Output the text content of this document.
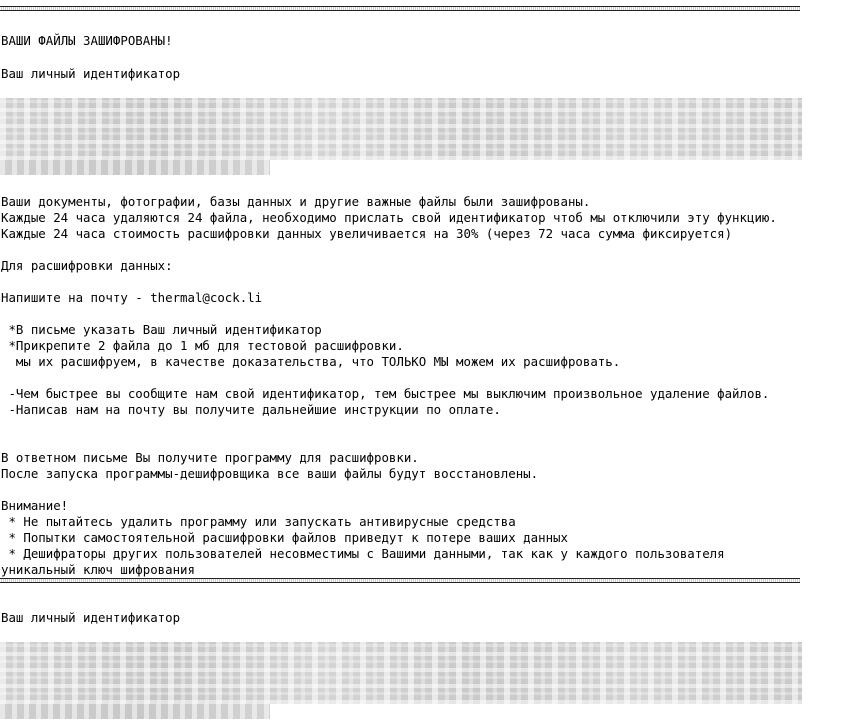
ВАШИ ФАЙЛЫ ЗАШИФРОВАНЫ!
Ваш личный идентификатор
Ваши документы, фотографии, базы данных и другие важные файлы были зашифрованы.
Каждые 24 часа удаляются 24 файла, необходимо прислать свой идентификатор чтоб мы отключили эту функцию.
Каждые 24 часа стоимость расшифровки данных увеличивается на 30% (через 72 часа сумма фиксируется)
Для расшифровки данных:
Напишите на почту - thermal@cock.li
*В письме указать Ваш личный идентификатор
*Прикрепите 2 файла до 1 мб для тестовой расшифровки.
мы их расшифруем, в качестве доказательства, что ТОЛЬКО МЫ можем их расшифровать.
-Чем быстрее вы сообщите нам свой идентификатор, тем быстрее мы выключим произвольное удаление файлов.
-Написав нам на почту вы получите дальнейшие инструкции по оплате.
В ответном письме Вы получите программу для расшифровки.
После запуска программы-дешифровщика все ваши файлы будут восстановлены.
Внимание!
* Не пытайтесь удалить программу или запускать антивирусные средства
* Попытки самостоятельной расшифровки файлов приведут к потере ваших данных
* Дешифраторы других пользователей несовместимы с Вашими данными, так как у каждого пользователя
уникальный ключ шифрования
Ваш личный идентификатор
